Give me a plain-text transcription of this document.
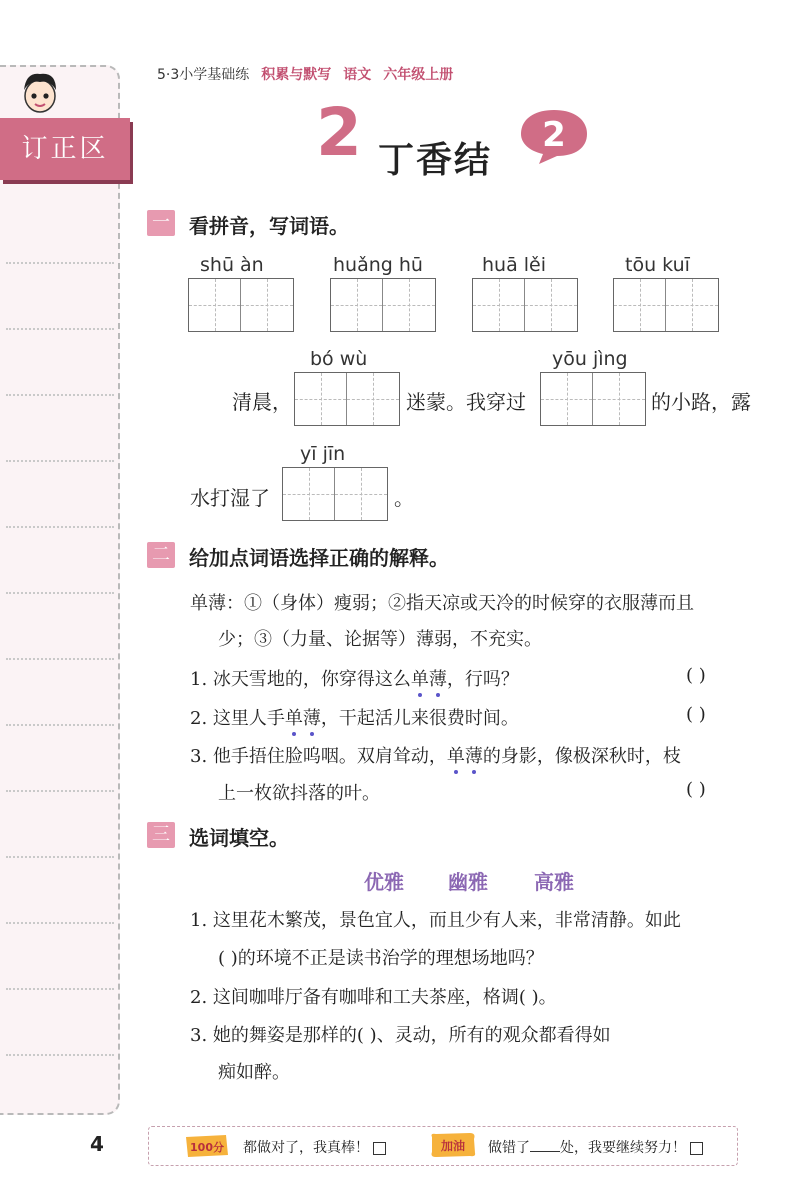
订正区
5·3小学基础练 积累与默写 语文 六年级上册
2 丁香结
2
一 看拼音，写词语。
shū àn	huǎng hū	huā lěi	tōu kuī
bó wù	yōu jìng
清晨，	迷蒙。我穿过	的小路，露
yī jīn
水打湿了	。
二 给加点词语选择正确的解释。
单薄：①（身体）瘦弱；②指天凉或天冷的时候穿的衣服薄而且
少；③（力量、论据等）薄弱，不充实。
1. 冰天雪地的，你穿得这么单薄
，行吗？	( )
2. 这里人手单薄
，干起活儿来很费时间。	( )
3. 他手捂住脸呜咽。双肩耸动，单薄
的身影，像极深秋时，枝
上一枚欲抖落的叶。	( )
三 选词填空。
优雅 幽雅 高雅
1. 这里花木繁茂，景色宜人，而且少有人来，非常清静。如此
( )的环境不正是读书治学的理想场地吗？
2. 这间咖啡厅备有咖啡和工夫茶座，格调( )。
3. 她的舞姿是那样的( )、灵动，所有的观众都看得如
痴如醉。
4	100分 都做对了，我真棒！	加油 做错了 处，我要继续努力！
